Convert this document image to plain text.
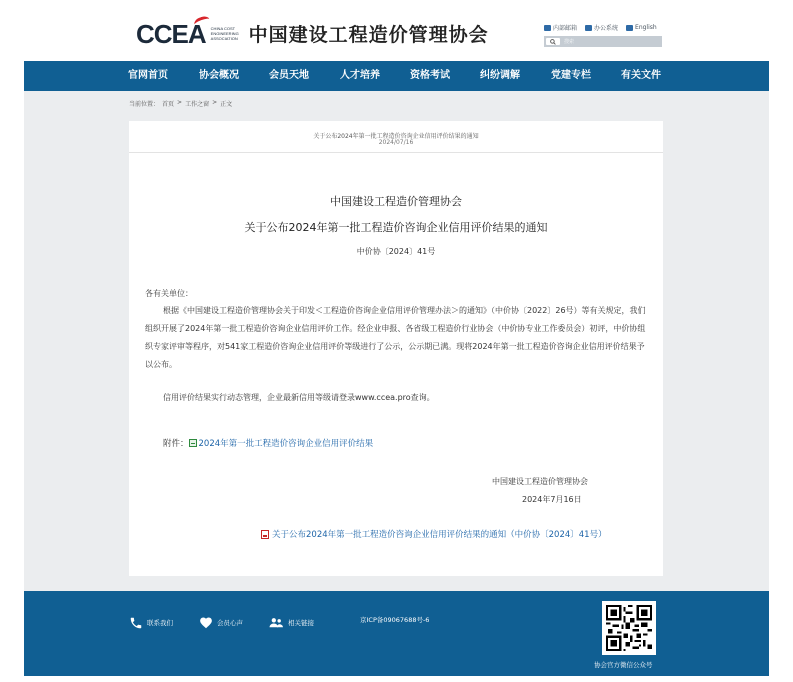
CCEA CHINA COST ENGINEERING ASSOCIATION 中国建设工程造价管理协会	内部邮箱	办公系统	English
搜索
官网首页	协会概况	会员天地	人才培养	资格考试	纠纷调解	党建专栏	有关文件
当前位置： 首页 > 工作之窗 > 正文
关于公布2024年第一批工程造价咨询企业信用评价结果的通知
2024/07/16
中国建设工程造价管理协会
关于公布2024年第一批工程造价咨询企业信用评价结果的通知
中价协〔2024〕41号
各有关单位：
根据《中国建设工程造价管理协会关于印发＜工程造价咨询企业信用评价管理办法＞的通知》（中价协〔2022〕26号）等有关规定，我们组织开展了2024年第一批工程造价咨询企业信用评价工作。经企业申报、各省级工程造价行业协会（中价协专业工作委员会）初评，中价协组织专家评审等程序，对541家工程造价咨询企业信用评价等级进行了公示，公示期已满。现将2024年第一批工程造价咨询企业信用评价结果予以公布。
信用评价结果实行动态管理，企业最新信用等级请登录www.ccea.pro查询。
附件： 2024年第一批工程造价咨询企业信用评价结果
中国建设工程造价管理协会
2024年7月16日
关于公布2024年第一批工程造价咨询企业信用评价结果的通知（中价协〔2024〕41号）
联系我们	会员心声	相关链接	京ICP备09067688号-6
协会官方微信公众号
